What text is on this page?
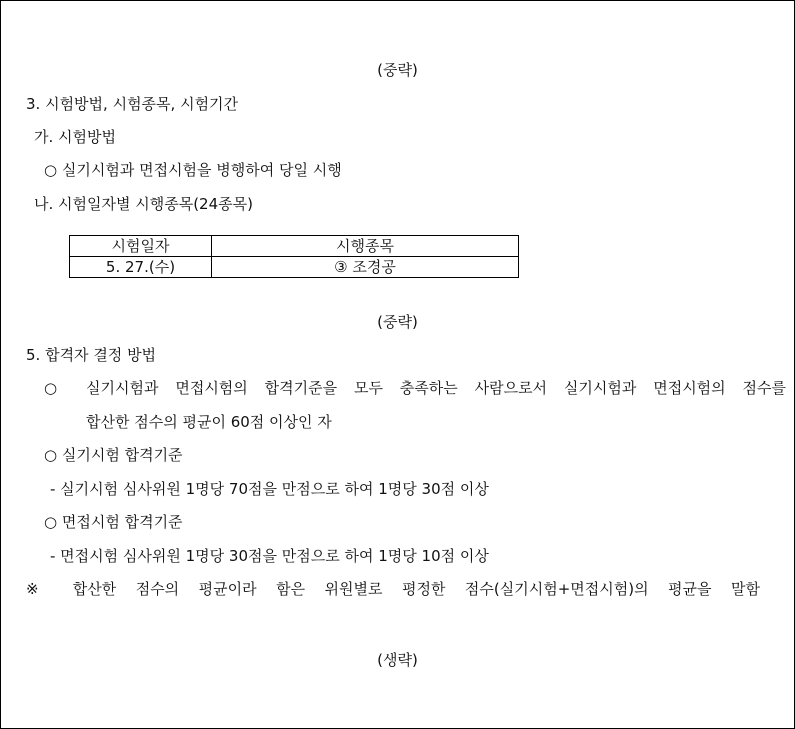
(중략)
3. 시험방법, 시험종목, 시험기간
가. 시험방법
○ 실기시험과 면접시험을 병행하여 당일 시행
나. 시험일자별 시행종목(24종목)
시험일자	시행종목
5. 27.(수)	③ 조경공
(중략)
5. 합격자 결정 방법
○ 실기시험과 면접시험의 합격기준을 모두 충족하는 사람으로서 실기시험과 면접시험의 점수를
합산한 점수의 평균이 60점 이상인 자
○ 실기시험 합격기준
- 실기시험 심사위원 1명당 70점을 만점으로 하여 1명당 30점 이상
○ 면접시험 합격기준
- 면접시험 심사위원 1명당 30점을 만점으로 하여 1명당 10점 이상
※ 합산한 점수의 평균이라 함은 위원별로 평정한 점수(실기시험+면접시험)의 평균을 말함
(생략)
